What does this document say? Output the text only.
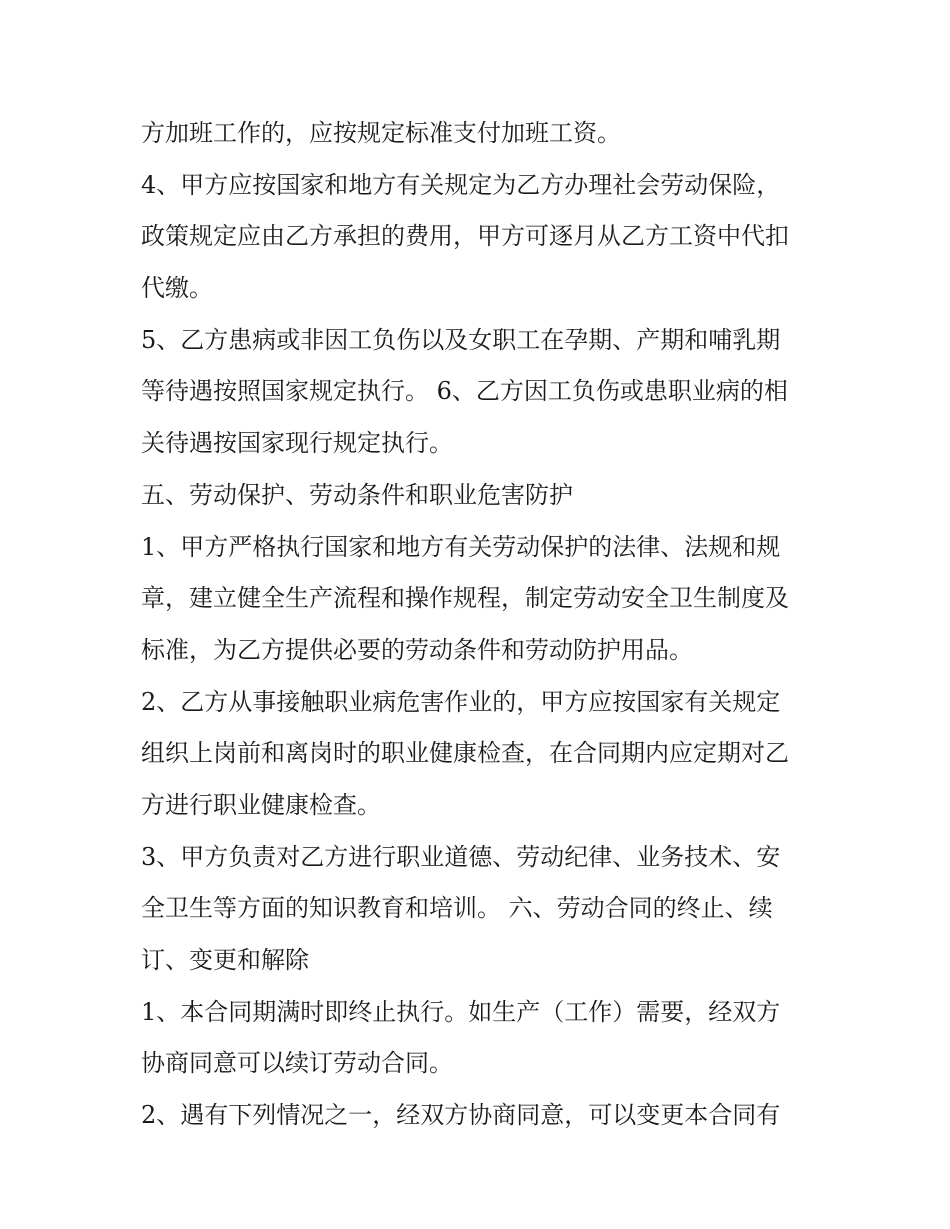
方加班工作的，应按规定标准支付加班工资。
4、甲方应按国家和地方有关规定为乙方办理社会劳动保险，
政策规定应由乙方承担的费用，甲方可逐月从乙方工资中代扣
代缴。
5、乙方患病或非因工负伤以及女职工在孕期、产期和哺乳期
等待遇按照国家规定执行。 6、乙方因工负伤或患职业病的相
关待遇按国家现行规定执行。
五、劳动保护、劳动条件和职业危害防护
1、甲方严格执行国家和地方有关劳动保护的法律、法规和规
章，建立健全生产流程和操作规程，制定劳动安全卫生制度及
标准，为乙方提供必要的劳动条件和劳动防护用品。
2、乙方从事接触职业病危害作业的，甲方应按国家有关规定
组织上岗前和离岗时的职业健康检查，在合同期内应定期对乙
方进行职业健康检查。
3、甲方负责对乙方进行职业道德、劳动纪律、业务技术、安
全卫生等方面的知识教育和培训。 六、劳动合同的终止、续
订、变更和解除
1、本合同期满时即终止执行。如生产（工作）需要，经双方
协商同意可以续订劳动合同。
2、遇有下列情况之一，经双方协商同意，可以变更本合同有
